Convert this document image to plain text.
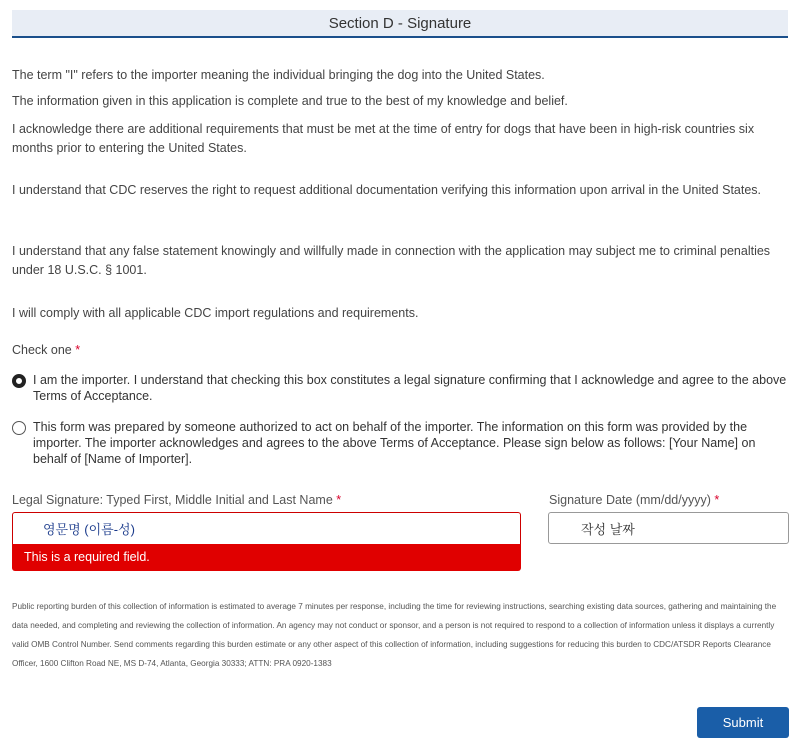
Section D - Signature

The term "I" refers to the importer meaning the individual bringing the dog into the United States.

The information given in this application is complete and true to the best of my knowledge and belief.

I acknowledge there are additional requirements that must be met at the time of entry for dogs that have been in high-risk countries six months prior to entering the United States.

I understand that CDC reserves the right to request additional documentation verifying this information upon arrival in the United States.

I understand that any false statement knowingly and willfully made in connection with the application may subject me to criminal penalties under 18 U.S.C. § 1001.

I will comply with all applicable CDC import regulations and requirements.

Check one *
I am the importer. I understand that checking this box constitutes a legal signature confirming that I acknowledge and agree to the above Terms of Acceptance.
This form was prepared by someone authorized to act on behalf of the importer. The information on this form was provided by the importer. The importer acknowledges and agrees to the above Terms of Acceptance. Please sign below as follows: [Your Name] on behalf of [Name of Importer].
Legal Signature: Typed First, Middle Initial and Last Name *	Signature Date (mm/dd/yyyy) *
영문명 (이름-성)
This is a required field.
작성 날짜
Public reporting burden of this collection of information is estimated to average 7 minutes per response, including the time for reviewing instructions, searching existing data sources, gathering and maintaining the data needed, and completing and reviewing the collection of information. An agency may not conduct or sponsor, and a person is not required to respond to a collection of information unless it displays a currently valid OMB Control Number. Send comments regarding this burden estimate or any other aspect of this collection of information, including suggestions for reducing this burden to CDC/ATSDR Reports Clearance Officer, 1600 Clifton Road NE, MS D-74, Atlanta, Georgia 30333; ATTN: PRA 0920-1383
Submit
